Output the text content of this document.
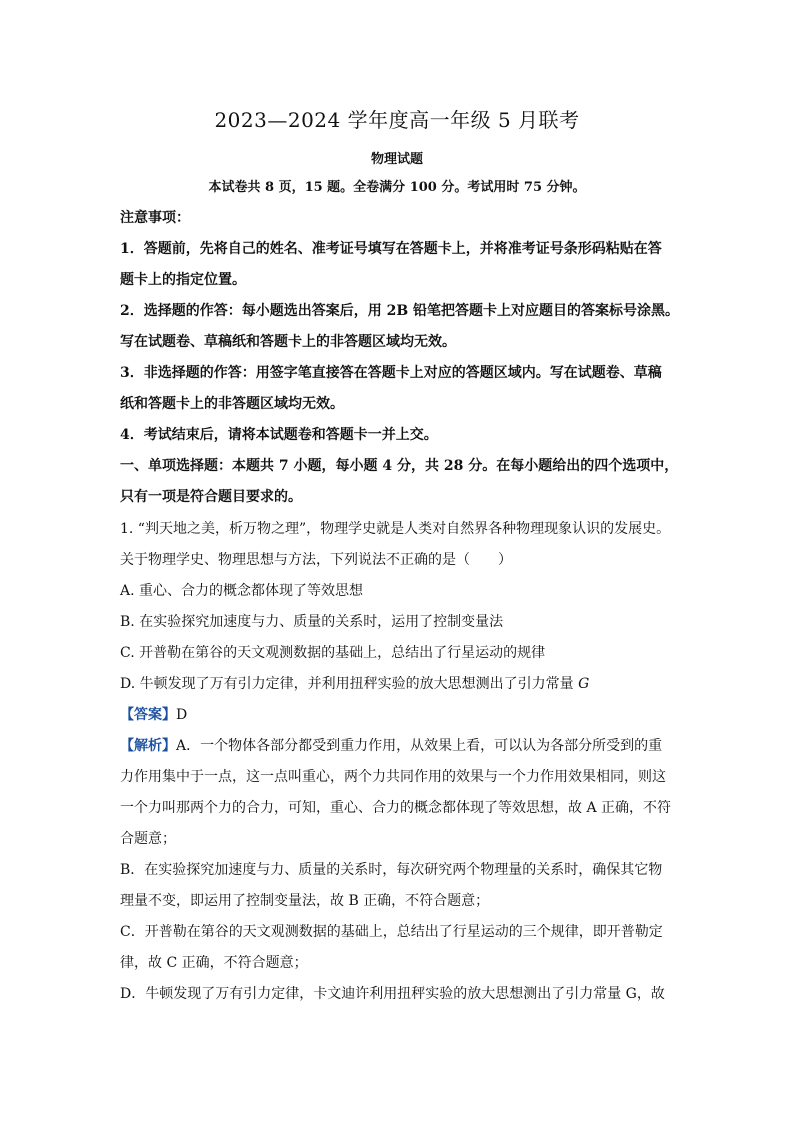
2023—2024 学年度高一年级 5 月联考
物理试题
本试卷共 8 页，15 题。全卷满分 100 分。考试用时 75 分钟。
注意事项：
1．答题前，先将自己的姓名、准考证号填写在答题卡上，并将准考证号条形码粘贴在答
题卡上的指定位置。
2．选择题的作答：每小题选出答案后，用 2B 铅笔把答题卡上对应题目的答案标号涂黑。
写在试题卷、草稿纸和答题卡上的非答题区域均无效。
3．非选择题的作答：用签字笔直接答在答题卡上对应的答题区域内。写在试题卷、草稿
纸和答题卡上的非答题区域均无效。
4．考试结束后，请将本试题卷和答题卡一并上交。
一、单项选择题：本题共 7 小题，每小题 4 分，共 28 分。在每小题给出的四个选项中，
只有一项是符合题目要求的。
1. “判天地之美，析万物之理”，物理学史就是人类对自然界各种物理现象认识的发展史。
关于物理学史、物理思想与方法，下列说法不正确的是（　　）
A. 重心、合力的概念都体现了等效思想
B. 在实验探究加速度与力、质量的关系时，运用了控制变量法
C. 开普勒在第谷的天文观测数据的基础上，总结出了行星运动的规律
D. 牛顿发现了万有引力定律，并利用扭秤实验的放大思想测出了引力常量 G
【答案】D
【解析】A．一个物体各部分都受到重力作用，从效果上看，可以认为各部分所受到的重
力作用集中于一点，这一点叫重心，两个力共同作用的效果与一个力作用效果相同，则这
一个力叫那两个力的合力，可知，重心、合力的概念都体现了等效思想，故 A 正确，不符
合题意；
B．在实验探究加速度与力、质量的关系时，每次研究两个物理量的关系时，确保其它物
理量不变，即运用了控制变量法，故 B 正确，不符合题意；
C．开普勒在第谷的天文观测数据的基础上，总结出了行星运动的三个规律，即开普勒定
律，故 C 正确，不符合题意；
D．牛顿发现了万有引力定律，卡文迪许利用扭秤实验的放大思想测出了引力常量 G，故
